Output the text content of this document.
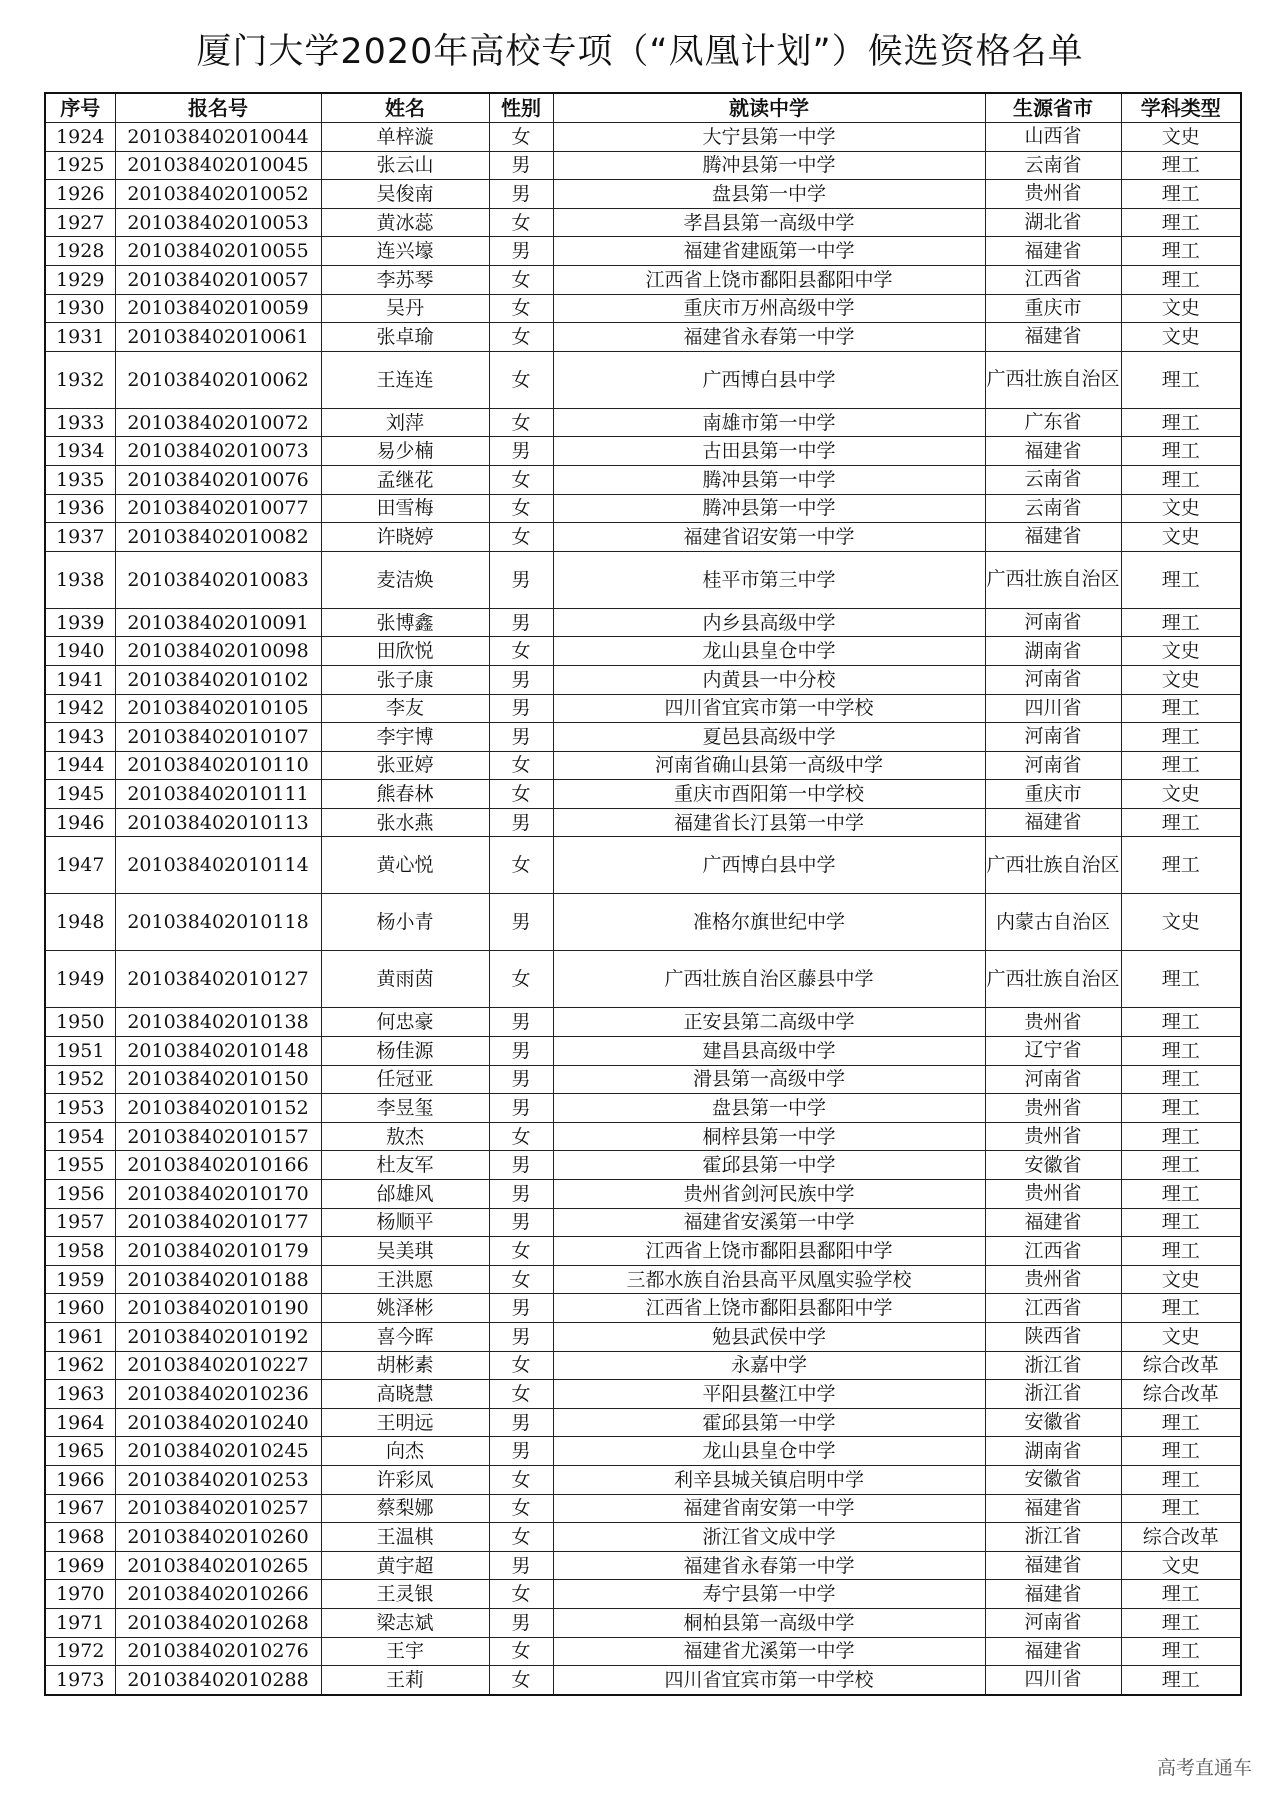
厦门大学2020年高校专项（“凤凰计划”）候选资格名单
序号	报名号	姓名	性别	就读中学	生源省市	学科类型
1924	201038402010044	单梓漩	女	大宁县第一中学	山西省	文史
1925	201038402010045	张云山	男	腾冲县第一中学	云南省	理工
1926	201038402010052	吴俊南	男	盘县第一中学	贵州省	理工
1927	201038402010053	黄冰蕊	女	孝昌县第一高级中学	湖北省	理工
1928	201038402010055	连兴壕	男	福建省建瓯第一中学	福建省	理工
1929	201038402010057	李苏琴	女	江西省上饶市鄱阳县鄱阳中学	江西省	理工
1930	201038402010059	吴丹	女	重庆市万州高级中学	重庆市	文史
1931	201038402010061	张卓瑜	女	福建省永春第一中学	福建省	文史
1932	201038402010062	王连连	女	广西博白县中学	广西壮族自治区	理工
1933	201038402010072	刘萍	女	南雄市第一中学	广东省	理工
1934	201038402010073	易少楠	男	古田县第一中学	福建省	理工
1935	201038402010076	孟继花	女	腾冲县第一中学	云南省	理工
1936	201038402010077	田雪梅	女	腾冲县第一中学	云南省	文史
1937	201038402010082	许晓婷	女	福建省诏安第一中学	福建省	文史
1938	201038402010083	麦洁焕	男	桂平市第三中学	广西壮族自治区	理工
1939	201038402010091	张博鑫	男	内乡县高级中学	河南省	理工
1940	201038402010098	田欣悦	女	龙山县皇仓中学	湖南省	文史
1941	201038402010102	张子康	男	内黄县一中分校	河南省	文史
1942	201038402010105	李友	男	四川省宜宾市第一中学校	四川省	理工
1943	201038402010107	李宇博	男	夏邑县高级中学	河南省	理工
1944	201038402010110	张亚婷	女	河南省确山县第一高级中学	河南省	理工
1945	201038402010111	熊春林	女	重庆市酉阳第一中学校	重庆市	文史
1946	201038402010113	张水燕	男	福建省长汀县第一中学	福建省	理工
1947	201038402010114	黄心悦	女	广西博白县中学	广西壮族自治区	理工
1948	201038402010118	杨小青	男	准格尔旗世纪中学	内蒙古自治区	文史
1949	201038402010127	黄雨茵	女	广西壮族自治区藤县中学	广西壮族自治区	理工
1950	201038402010138	何忠豪	男	正安县第二高级中学	贵州省	理工
1951	201038402010148	杨佳源	男	建昌县高级中学	辽宁省	理工
1952	201038402010150	任冠亚	男	滑县第一高级中学	河南省	理工
1953	201038402010152	李昱玺	男	盘县第一中学	贵州省	理工
1954	201038402010157	敖杰	女	桐梓县第一中学	贵州省	理工
1955	201038402010166	杜友军	男	霍邱县第一中学	安徽省	理工
1956	201038402010170	邰雄风	男	贵州省剑河民族中学	贵州省	理工
1957	201038402010177	杨顺平	男	福建省安溪第一中学	福建省	理工
1958	201038402010179	吴美琪	女	江西省上饶市鄱阳县鄱阳中学	江西省	理工
1959	201038402010188	王洪愿	女	三都水族自治县高平凤凰实验学校	贵州省	文史
1960	201038402010190	姚泽彬	男	江西省上饶市鄱阳县鄱阳中学	江西省	理工
1961	201038402010192	喜今晖	男	勉县武侯中学	陕西省	文史
1962	201038402010227	胡彬素	女	永嘉中学	浙江省	综合改革
1963	201038402010236	高晓慧	女	平阳县鳌江中学	浙江省	综合改革
1964	201038402010240	王明远	男	霍邱县第一中学	安徽省	理工
1965	201038402010245	向杰	男	龙山县皇仓中学	湖南省	理工
1966	201038402010253	许彩凤	女	利辛县城关镇启明中学	安徽省	理工
1967	201038402010257	蔡梨娜	女	福建省南安第一中学	福建省	理工
1968	201038402010260	王温棋	女	浙江省文成中学	浙江省	综合改革
1969	201038402010265	黄宇超	男	福建省永春第一中学	福建省	文史
1970	201038402010266	王灵银	女	寿宁县第一中学	福建省	理工
1971	201038402010268	梁志斌	男	桐柏县第一高级中学	河南省	理工
1972	201038402010276	王宇	女	福建省尤溪第一中学	福建省	理工
1973	201038402010288	王莉	女	四川省宜宾市第一中学校	四川省	理工
高考直通车
